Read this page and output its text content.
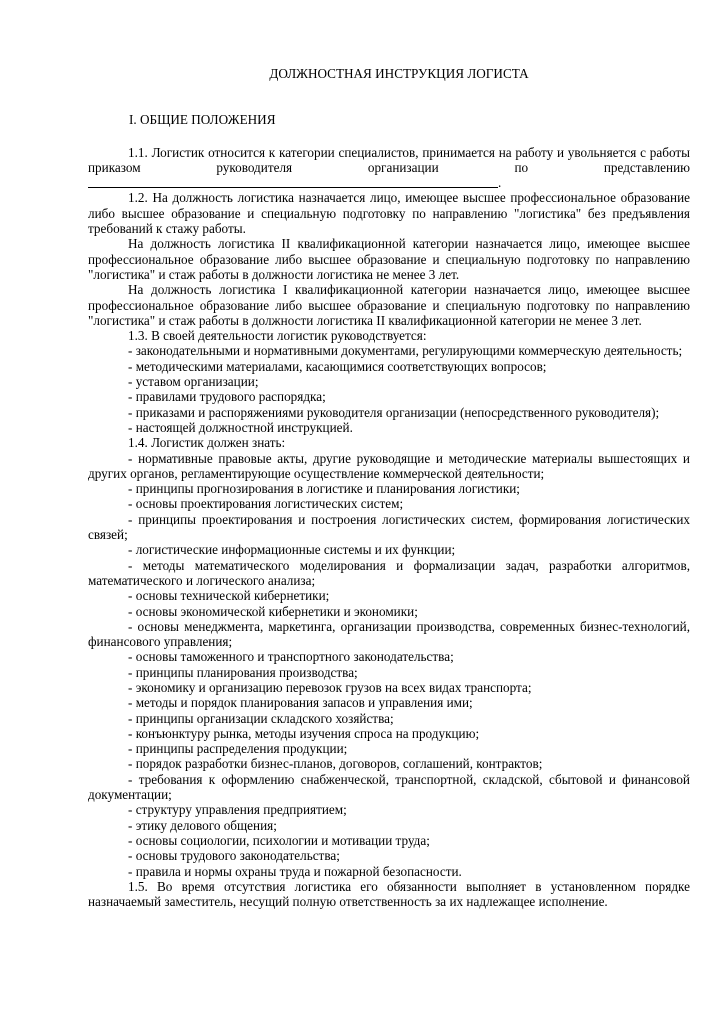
ДОЛЖНОСТНАЯ ИНСТРУКЦИЯ ЛОГИСТА
I. ОБЩИЕ ПОЛОЖЕНИЯ

1.1. Логистик относится к категории специалистов, принимается на работу и увольняется с работы приказом руководителя организации по представлению

.

1.2. На должность логистика назначается лицо, имеющее высшее профессиональное образование либо высшее образование и специальную подготовку по направлению "логистика" без предъявления требований к стажу работы.

На должность логистика II квалификационной категории назначается лицо, имеющее высшее профессиональное образование либо высшее образование и специальную подготовку по направлению "логистика" и стаж работы в должности логистика не менее 3 лет.

На должность логистика I квалификационной категории назначается лицо, имеющее высшее профессиональное образование либо высшее образование и специальную подготовку по направлению "логистика" и стаж работы в должности логистика II квалификационной категории не менее 3 лет.

1.3. В своей деятельности логистик руководствуется:

- законодательными и нормативными документами, регулирующими коммерческую деятельность;

- методическими материалами, касающимися соответствующих вопросов;

- уставом организации;

- правилами трудового распорядка;

- приказами и распоряжениями руководителя организации (непосредственного руководителя);

- настоящей должностной инструкцией.

1.4. Логистик должен знать:

- нормативные правовые акты, другие руководящие и методические материалы вышестоящих и других органов, регламентирующие осуществление коммерческой деятельности;

- принципы прогнозирования в логистике и планирования логистики;

- основы проектирования логистических систем;

- принципы проектирования и построения логистических систем, формирования логистических связей;

- логистические информационные системы и их функции;

- методы математического моделирования и формализации задач, разработки алгоритмов, математического и логического анализа;

- основы технической кибернетики;

- основы экономической кибернетики и экономики;

- основы менеджмента, маркетинга, организации производства, современных бизнес-технологий, финансового управления;

- основы таможенного и транспортного законодательства;

- принципы планирования производства;

- экономику и организацию перевозок грузов на всех видах транспорта;

- методы и порядок планирования запасов и управления ими;

- принципы организации складского хозяйства;

- конъюнктуру рынка, методы изучения спроса на продукцию;

- принципы распределения продукции;

- порядок разработки бизнес-планов, договоров, соглашений, контрактов;

- требования к оформлению снабженческой, транспортной, складской, сбытовой и финансовой документации;

- структуру управления предприятием;

- этику делового общения;

- основы социологии, психологии и мотивации труда;

- основы трудового законодательства;

- правила и нормы охраны труда и пожарной безопасности.

1.5. Во время отсутствия логистика его обязанности выполняет в установленном порядке назначаемый заместитель, несущий полную ответственность за их надлежащее исполнение.
